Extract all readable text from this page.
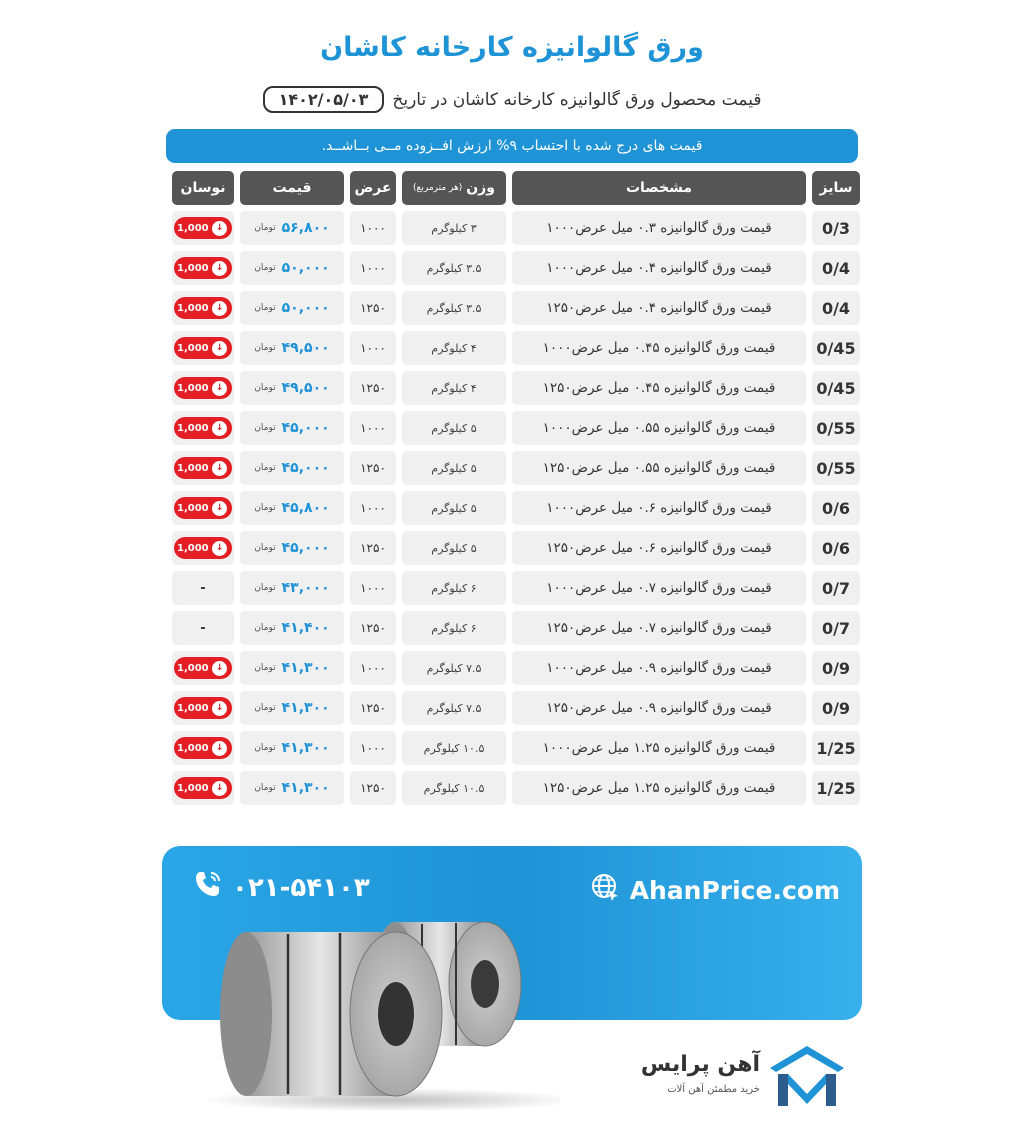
ورق گالوانیزه کارخانه کاشان
قیمت محصول ورق گالوانیزه کارخانه کاشان در تاریخ
۱۴۰۲/۰۵/۰۳
قیمت های درج شده با احتساب ۹% ارزش افــزوده مــی بــاشــد.
سایز
مشخصات
وزن
(هر مترمربع)
عرض
قیمت
نوسان
0/3
قیمت ورق گالوانیزه ۰.۳ میل عرض۱۰۰۰
۳ کیلوگرم
۱۰۰۰
۵۶,۸۰۰
تومان
1,000 ↓
0/4
قیمت ورق گالوانیزه ۰.۴ میل عرض۱۰۰۰
۳.۵ کیلوگرم
۱۰۰۰
۵۰,۰۰۰
تومان
1,000 ↓
0/4
قیمت ورق گالوانیزه ۰.۴ میل عرض۱۲۵۰
۳.۵ کیلوگرم
۱۲۵۰
۵۰,۰۰۰
تومان
1,000 ↓
0/45
قیمت ورق گالوانیزه ۰.۴۵ میل عرض۱۰۰۰
۴ کیلوگرم
۱۰۰۰
۴۹,۵۰۰
تومان
1,000 ↓
0/45
قیمت ورق گالوانیزه ۰.۴۵ میل عرض۱۲۵۰
۴ کیلوگرم
۱۲۵۰
۴۹,۵۰۰
تومان
1,000 ↓
0/55
قیمت ورق گالوانیزه ۰.۵۵ میل عرض۱۰۰۰
۵ کیلوگرم
۱۰۰۰
۴۵,۰۰۰
تومان
1,000 ↓
0/55
قیمت ورق گالوانیزه ۰.۵۵ میل عرض۱۲۵۰
۵ کیلوگرم
۱۲۵۰
۴۵,۰۰۰
تومان
1,000 ↓
0/6
قیمت ورق گالوانیزه ۰.۶ میل عرض۱۰۰۰
۵ کیلوگرم
۱۰۰۰
۴۵,۸۰۰
تومان
1,000 ↓
0/6
قیمت ورق گالوانیزه ۰.۶ میل عرض۱۲۵۰
۵ کیلوگرم
۱۲۵۰
۴۵,۰۰۰
تومان
1,000 ↓
0/7
قیمت ورق گالوانیزه ۰.۷ میل عرض۱۰۰۰
۶ کیلوگرم
۱۰۰۰
۴۳,۰۰۰
تومان
-
0/7
قیمت ورق گالوانیزه ۰.۷ میل عرض۱۲۵۰
۶ کیلوگرم
۱۲۵۰
۴۱,۴۰۰
تومان
-
0/9
قیمت ورق گالوانیزه ۰.۹ میل عرض۱۰۰۰
۷.۵ کیلوگرم
۱۰۰۰
۴۱,۳۰۰
تومان
1,000 ↓
0/9
قیمت ورق گالوانیزه ۰.۹ میل عرض۱۲۵۰
۷.۵ کیلوگرم
۱۲۵۰
۴۱,۳۰۰
تومان
1,000 ↓
1/25
قیمت ورق گالوانیزه ۱.۲۵ میل عرض۱۰۰۰
۱۰.۵ کیلوگرم
۱۰۰۰
۴۱,۳۰۰
تومان
1,000 ↓
1/25
قیمت ورق گالوانیزه ۱.۲۵ میل عرض۱۲۵۰
۱۰.۵ کیلوگرم
۱۲۵۰
۴۱,۳۰۰
تومان
1,000 ↓
۰۲۱-۵۴۱۰۳	AhanPrice.com
آهن پرایس
خرید مطمئن آهن آلات
